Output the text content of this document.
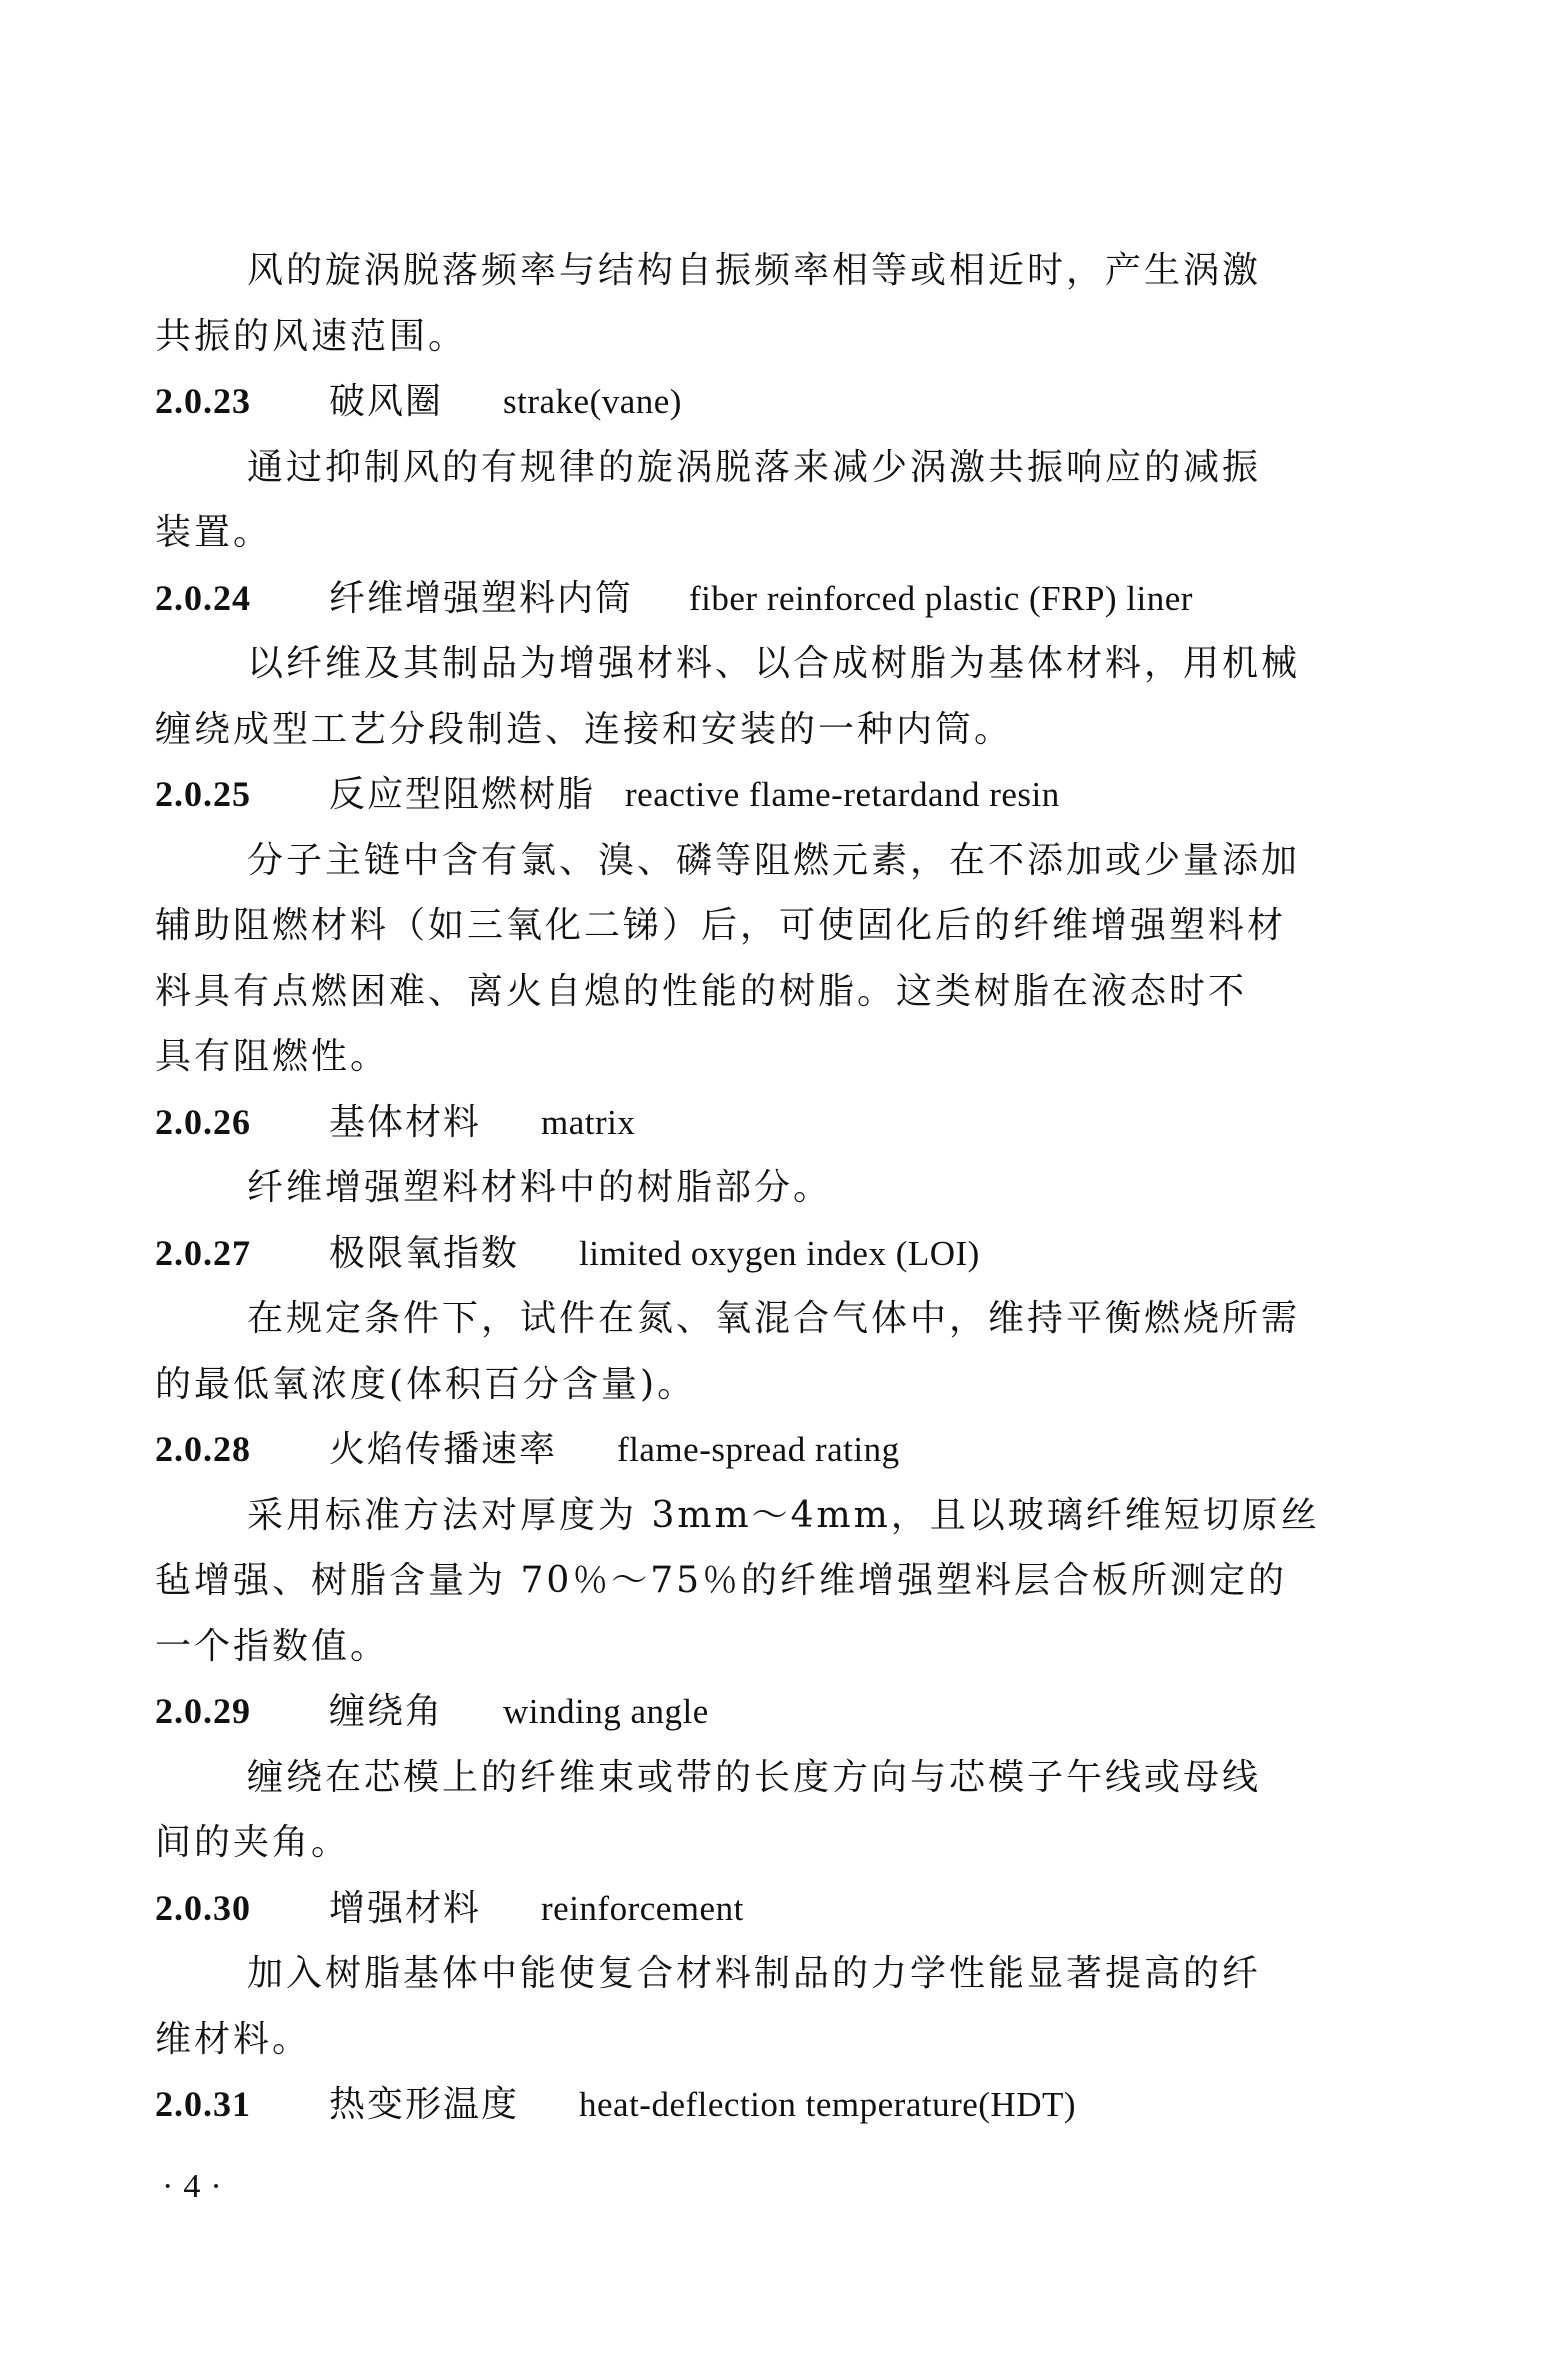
风的旋涡脱落频率与结构自振频率相等或相近时，产生涡激
共振的风速范围。
2.0.23	破风圈 strake(vane)
通过抑制风的有规律的旋涡脱落来减少涡激共振响应的减振
装置。
2.0.24	纤维增强塑料内筒 fiber reinforced plastic (FRP) liner
以纤维及其制品为增强材料、以合成树脂为基体材料，用机械
缠绕成型工艺分段制造、连接和安装的一种内筒。
2.0.25	反应型阻燃树脂 reactive flame-retardand resin
分子主链中含有氯、溴、磷等阻燃元素，在不添加或少量添加
辅助阻燃材料（如三氧化二锑）后，可使固化后的纤维增强塑料材
料具有点燃困难、离火自熄的性能的树脂。这类树脂在液态时不
具有阻燃性。
2.0.26	基体材料 matrix
纤维增强塑料材料中的树脂部分。
2.0.27	极限氧指数 limited oxygen index (LOI)
在规定条件下，试件在氮、氧混合气体中，维持平衡燃烧所需
的最低氧浓度(体积百分含量)。
2.0.28	火焰传播速率 flame-spread rating
采用标准方法对厚度为 3mm～4mm，且以玻璃纤维短切原丝
毡增强、树脂含量为 70％～75％的纤维增强塑料层合板所测定的
一个指数值。
2.0.29	缠绕角 winding angle
缠绕在芯模上的纤维束或带的长度方向与芯模子午线或母线
间的夹角。
2.0.30	增强材料 reinforcement
加入树脂基体中能使复合材料制品的力学性能显著提高的纤
维材料。
2.0.31	热变形温度 heat-deflection temperature(HDT)
·4·
